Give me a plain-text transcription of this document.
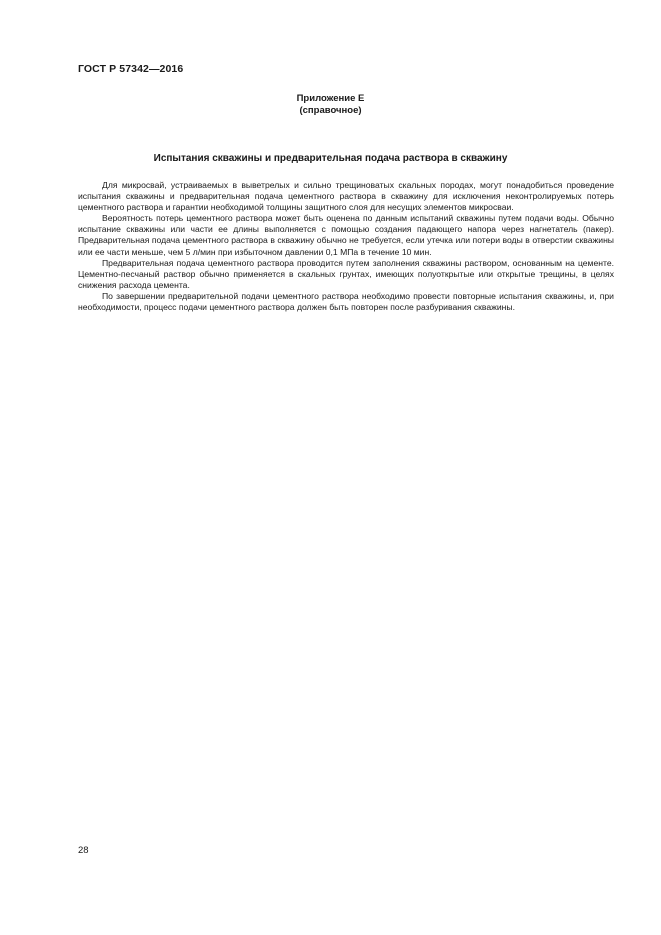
ГОСТ Р 57342—2016
Приложение Е
(справочное)
Испытания скважины и предварительная подача раствора в скважину

Для микросвай, устраиваемых в выветрелых и сильно трещиноватых скальных породах, могут понадобиться проведение испытания скважины и предварительная подача цементного раствора в скважину для исключения неконтролируемых потерь цементного раствора и гарантии необходимой толщины защитного слоя для несущих элементов микросваи.

Вероятность потерь цементного раствора может быть оценена по данным испытаний скважины путем подачи воды. Обычно испытание скважины или части ее длины выполняется с помощью создания падающего напора через нагнетатель (пакер). Предварительная подача цементного раствора в скважину обычно не требуется, если утечка или потери воды в отверстии скважины или ее части меньше, чем 5 л/мин при избыточном давлении 0,1 МПа в течение 10 мин.

Предварительная подача цементного раствора проводится путем заполнения скважины раствором, основанным на цементе. Цементно-песчаный раствор обычно применяется в скальных грунтах, имеющих полуоткрытые или открытые трещины, в целях снижения расхода цемента.

По завершении предварительной подачи цементного раствора необходимо провести повторные испытания скважины, и, при необходимости, процесс подачи цементного раствора должен быть повторен после разбуривания скважины.

28
